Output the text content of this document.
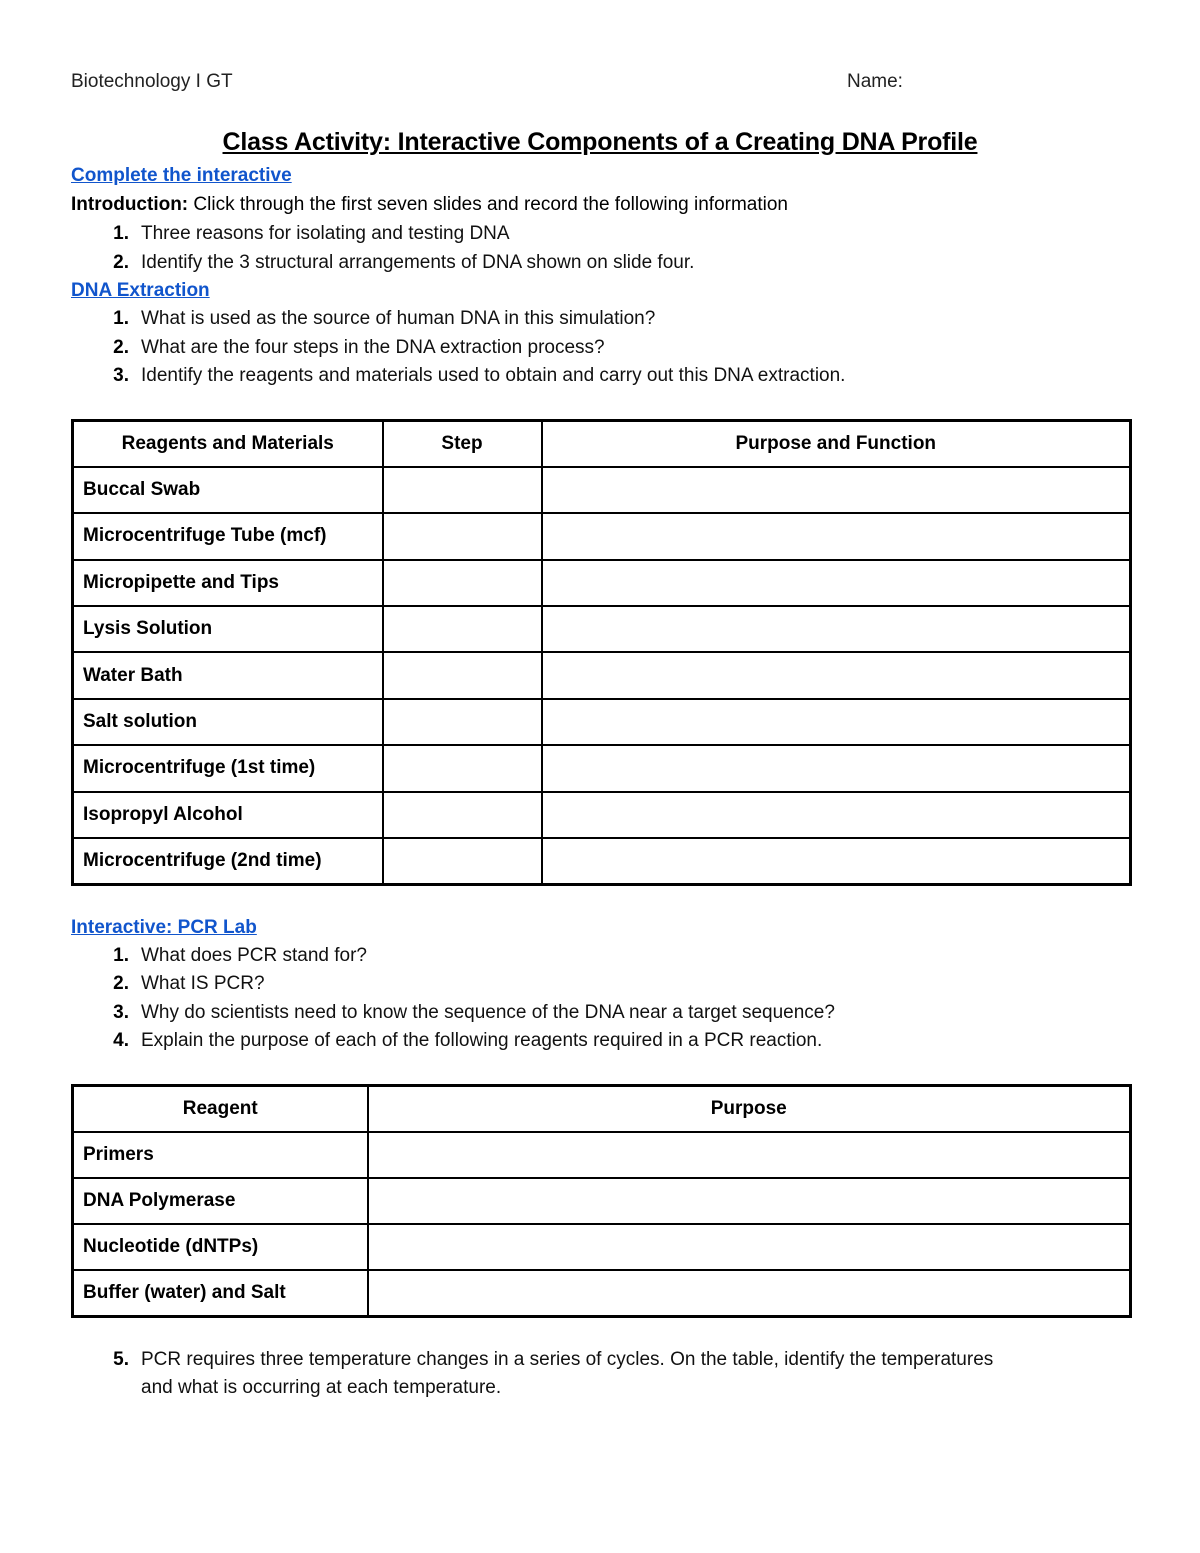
Biotechnology I GT	Name:
Class Activity: Interactive Components of a Creating DNA Profile
Complete the interactive
Introduction: Click through the first seven slides and record the following information
1. Three reasons for isolating and testing DNA
2. Identify the 3 structural arrangements of DNA shown on slide four.
DNA Extraction
1. What is used as the source of human DNA in this simulation?
2. What are the four steps in the DNA extraction process?
3. Identify the reagents and materials used to obtain and carry out this DNA extraction.
Reagents and Materials	Step	Purpose and Function
Buccal Swab		
Microcentrifuge Tube (mcf)		
Micropipette and Tips		
Lysis Solution		
Water Bath		
Salt solution		
Microcentrifuge (1st time)		
Isopropyl Alcohol		
Microcentrifuge (2nd time)		
Interactive: PCR Lab
1. What does PCR stand for?
2. What IS PCR?
3. Why do scientists need to know the sequence of the DNA near a target sequence?
4. Explain the purpose of each of the following reagents required in a PCR reaction.
Reagent	Purpose
Primers	
DNA Polymerase	
Nucleotide (dNTPs)	
Buffer (water) and Salt	
5. PCR requires three temperature changes in a series of cycles. On the table, identify the temperatures
and what is occurring at each temperature.
